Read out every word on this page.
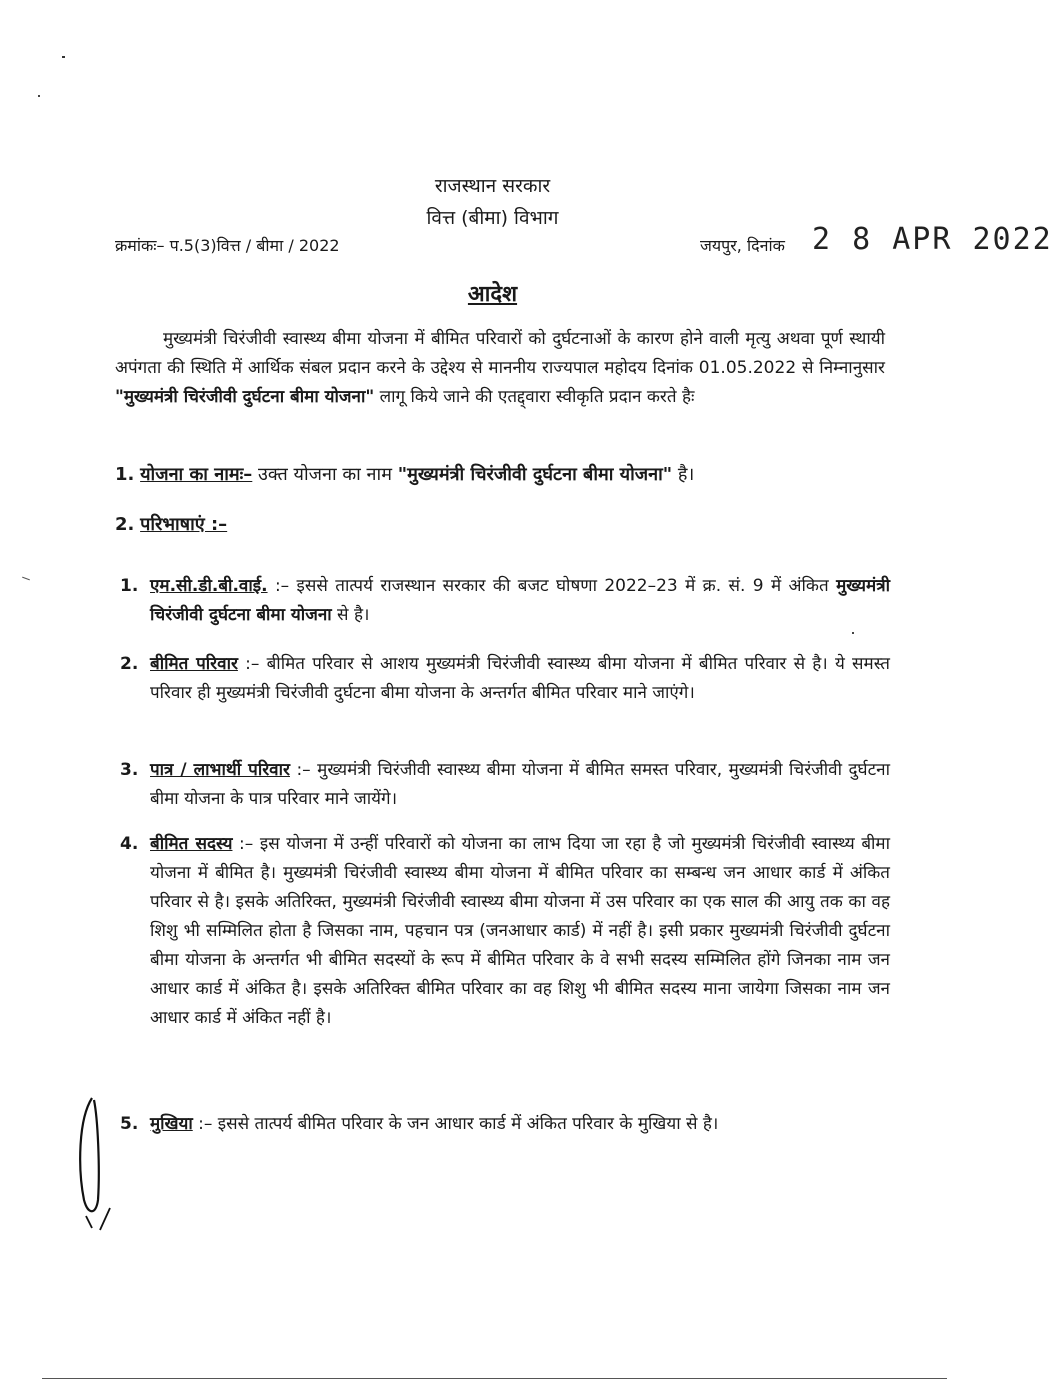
राजस्थान सरकार
वित्त (बीमा) विभाग
क्रमांकः– प.5(3)वित्त / बीमा / 2022	जयपुर, दिनांक 2 8 APR 2022
आदेश
मुख्यमंत्री चिरंजीवी स्वास्थ्य बीमा योजना में बीमित परिवारों को दुर्घटनाओं के कारण होने वाली मृत्यु अथवा पूर्ण स्थायी अपंगता की स्थिति में आर्थिक संबल प्रदान करने के उद्देश्य से माननीय राज्यपाल महोदय दिनांक 01.05.2022 से निम्नानुसार "मुख्यमंत्री चिरंजीवी दुर्घटना बीमा योजना" लागू किये जाने की एतद्द्वारा स्वीकृति प्रदान करते हैः
1. योजना का नामः– उक्त योजना का नाम "मुख्यमंत्री चिरंजीवी दुर्घटना बीमा योजना" है।
2. परिभाषाएं :–
1. एम.सी.डी.बी.वाई. :– इससे तात्पर्य राजस्थान सरकार की बजट घोषणा 2022–23 में क्र. सं. 9 में अंकित मुख्यमंत्री चिरंजीवी दुर्घटना बीमा योजना से है।
2. बीमित परिवार :– बीमित परिवार से आशय मुख्यमंत्री चिरंजीवी स्वास्थ्य बीमा योजना में बीमित परिवार से है। ये समस्त परिवार ही मुख्यमंत्री चिरंजीवी दुर्घटना बीमा योजना के अन्तर्गत बीमित परिवार माने जाएंगे।
3. पात्र / लाभार्थी परिवार :– मुख्यमंत्री चिरंजीवी स्वास्थ्य बीमा योजना में बीमित समस्त परिवार, मुख्यमंत्री चिरंजीवी दुर्घटना बीमा योजना के पात्र परिवार माने जायेंगे।
4. बीमित सदस्य :– इस योजना में उन्हीं परिवारों को योजना का लाभ दिया जा रहा है जो मुख्यमंत्री चिरंजीवी स्वास्थ्य बीमा योजना में बीमित है। मुख्यमंत्री चिरंजीवी स्वास्थ्य बीमा योजना में बीमित परिवार का सम्बन्ध जन आधार कार्ड में अंकित परिवार से है। इसके अतिरिक्त, मुख्यमंत्री चिरंजीवी स्वास्थ्य बीमा योजना में उस परिवार का एक साल की आयु तक का वह शिशु भी सम्मिलित होता है जिसका नाम, पहचान पत्र (जनआधार कार्ड) में नहीं है। इसी प्रकार मुख्यमंत्री चिरंजीवी दुर्घटना बीमा योजना के अन्तर्गत भी बीमित सदस्यों के रूप में बीमित परिवार के वे सभी सदस्य सम्मिलित होंगे जिनका नाम जन आधार कार्ड में अंकित है। इसके अतिरिक्त बीमित परिवार का वह शिशु भी बीमित सदस्य माना जायेगा जिसका नाम जन आधार कार्ड में अंकित नहीं है।
5. मुखिया :– इससे तात्पर्य बीमित परिवार के जन आधार कार्ड में अंकित परिवार के मुखिया से है।
